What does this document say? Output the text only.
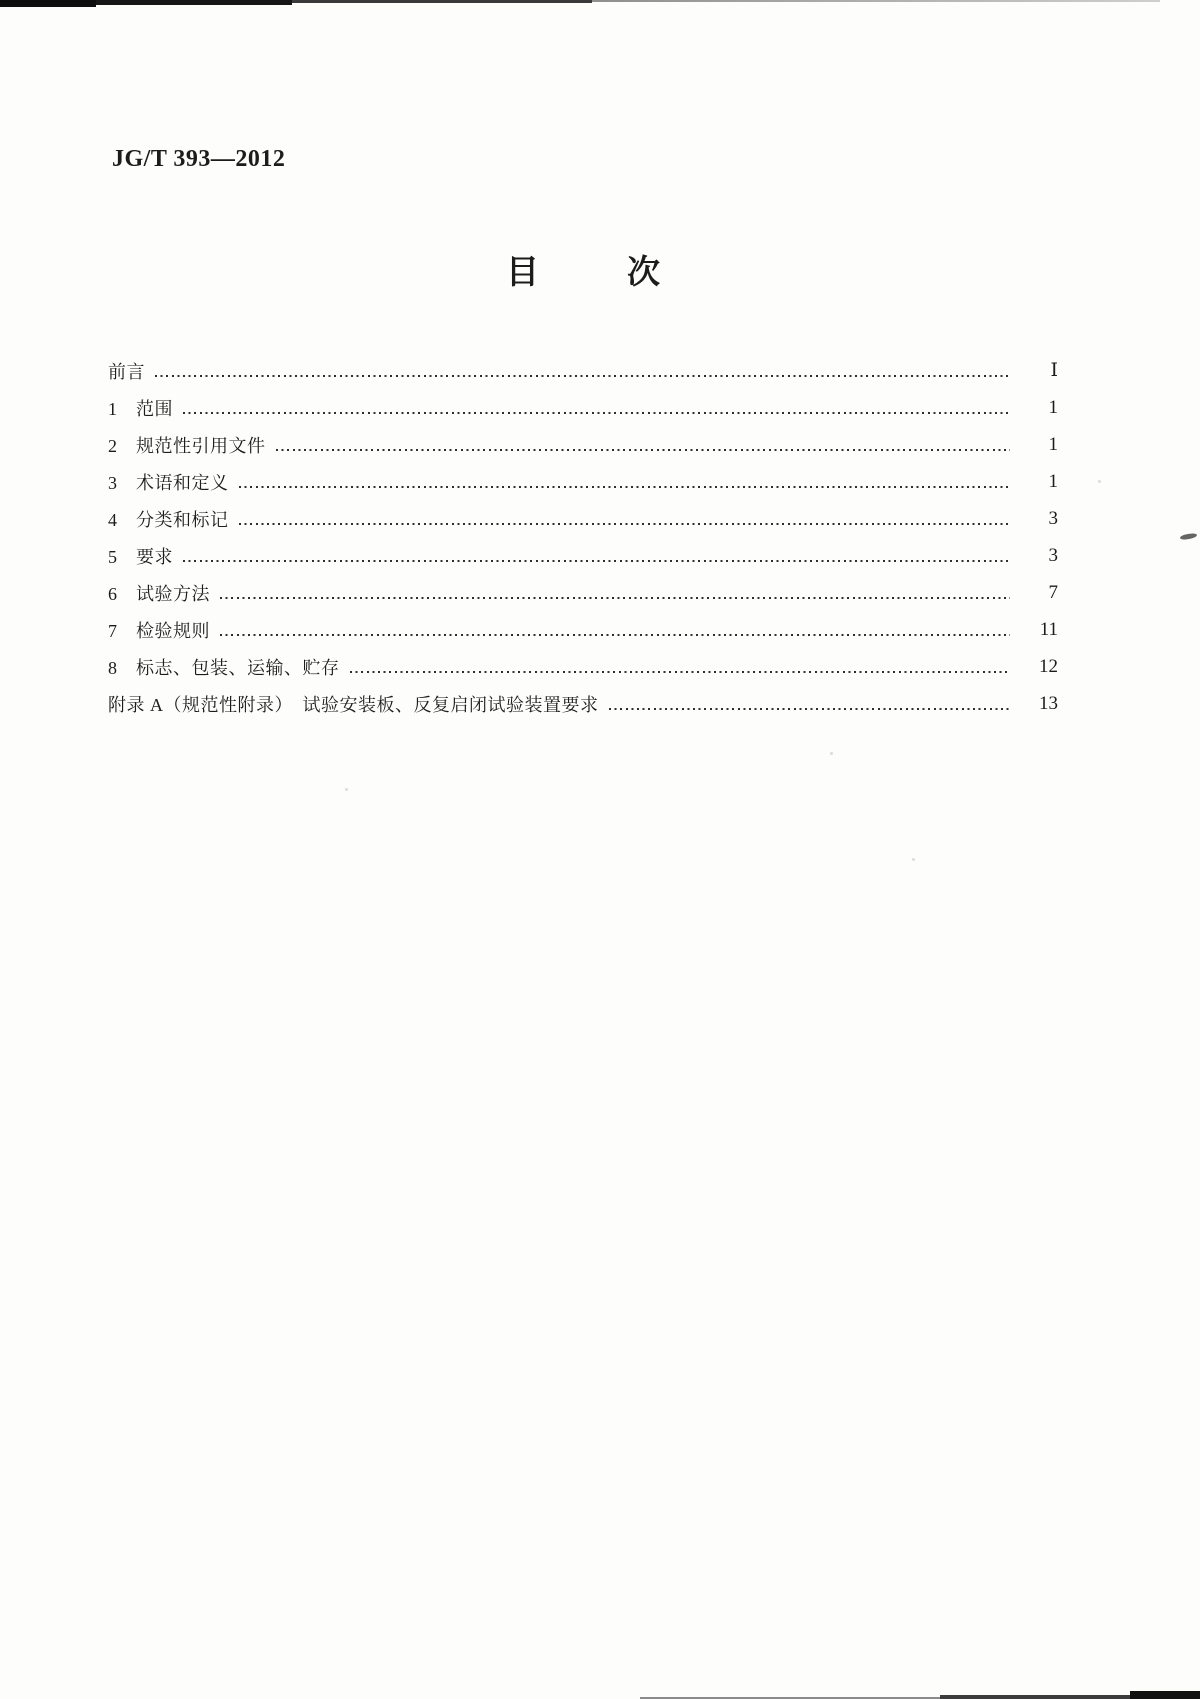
JG/T 393—2012
目	次
前言	Ⅰ
1　范围	1
2　规范性引用文件	1
3　术语和定义	1
4　分类和标记	3
5　要求	3
6　试验方法	7
7　检验规则	11
8　标志、包装、运输、贮存	12
附录 A（规范性附录）　试验安装板、反复启闭试验装置要求	13
